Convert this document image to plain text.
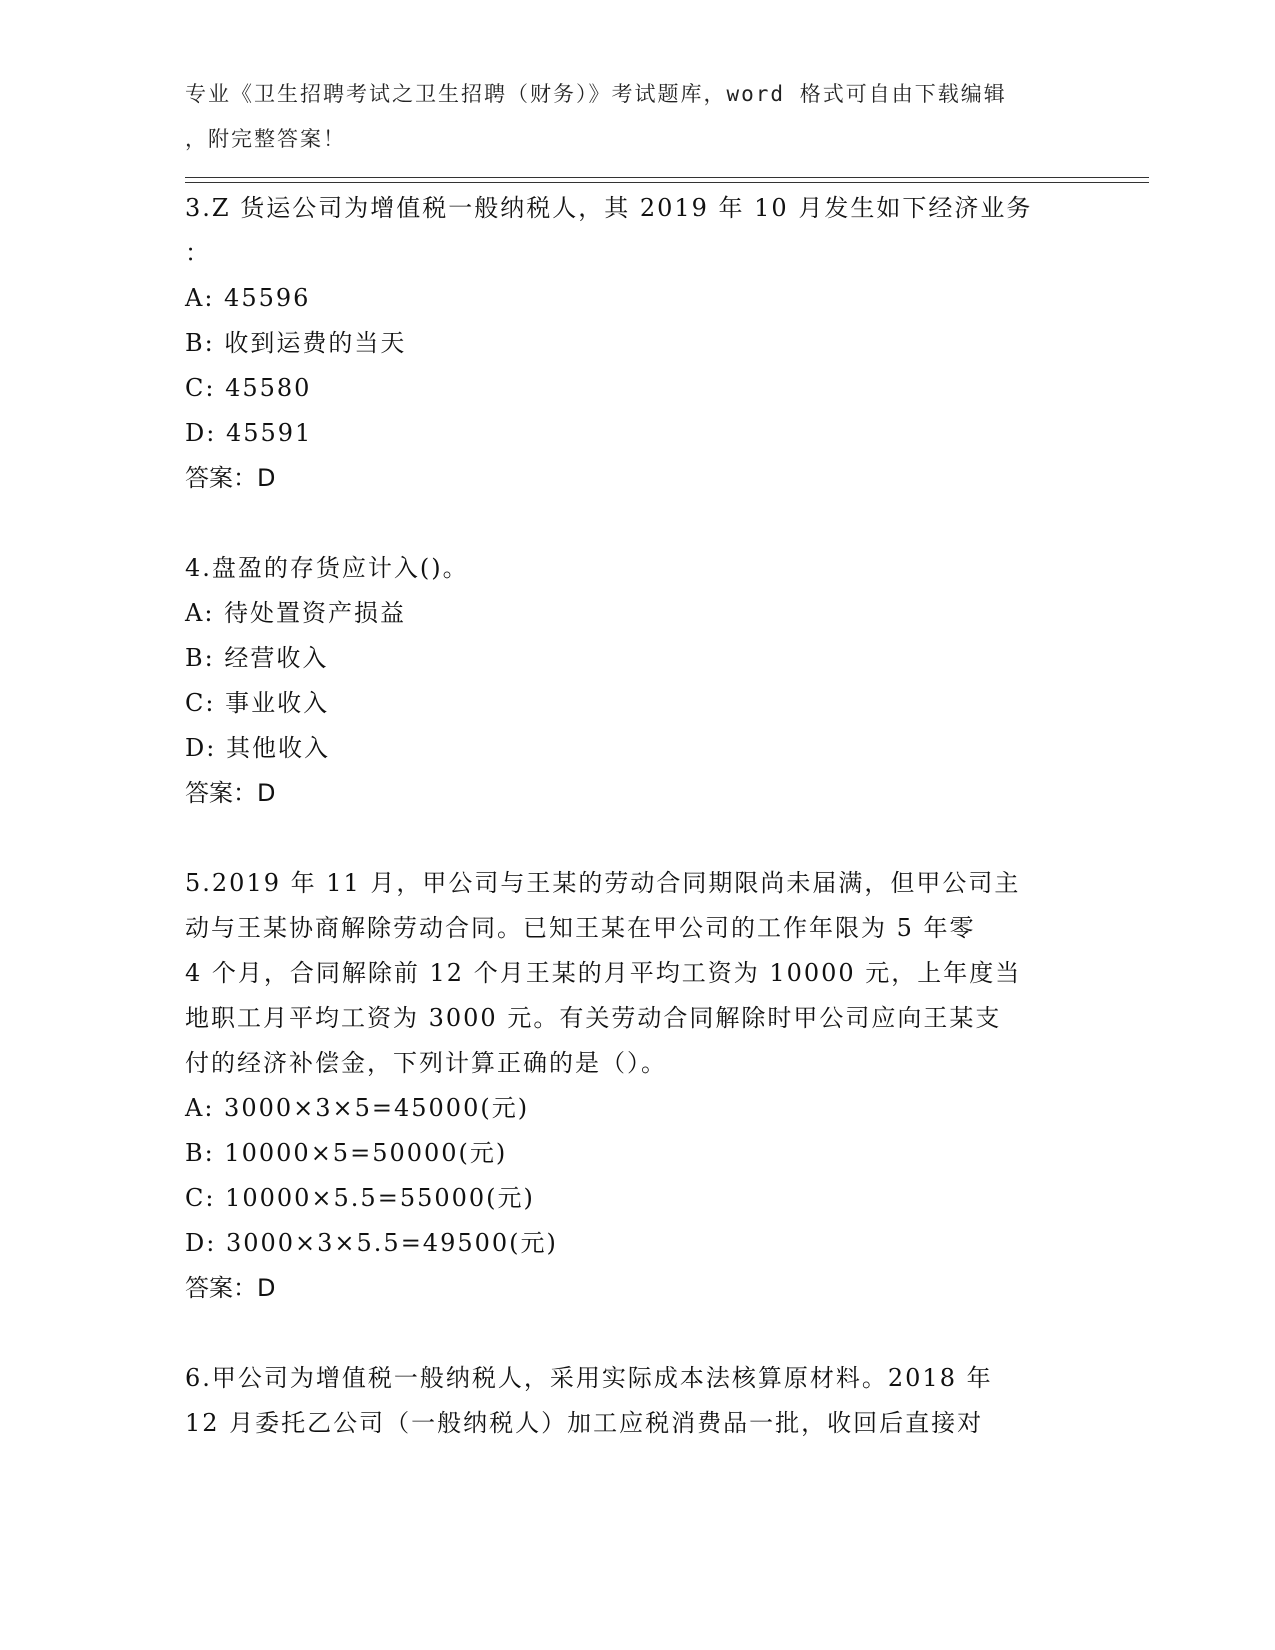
专业《卫生招聘考试之卫生招聘（财务）》考试题库，word 格式可自由下载编辑
，附完整答案！
3.Z 货运公司为增值税一般纳税人，其 2019 年 10 月发生如下经济业务
：
A: 45596
B: 收到运费的当天
C: 45580
D: 45591
答案：D
4.盘盈的存货应计入()。
A: 待处置资产损益
B: 经营收入
C: 事业收入
D: 其他收入
答案：D
5.2019 年 11 月，甲公司与王某的劳动合同期限尚未届满，但甲公司主
动与王某协商解除劳动合同。已知王某在甲公司的工作年限为 5 年零
4 个月，合同解除前 12 个月王某的月平均工资为 10000 元，上年度当
地职工月平均工资为 3000 元。有关劳动合同解除时甲公司应向王某支
付的经济补偿金，下列计算正确的是（）。
A: 3000×3×5=45000(元)
B: 10000×5=50000(元)
C: 10000×5.5=55000(元)
D: 3000×3×5.5=49500(元)
答案：D
6.甲公司为增值税一般纳税人，采用实际成本法核算原材料。2018 年
12 月委托乙公司（一般纳税人）加工应税消费品一批，收回后直接对
